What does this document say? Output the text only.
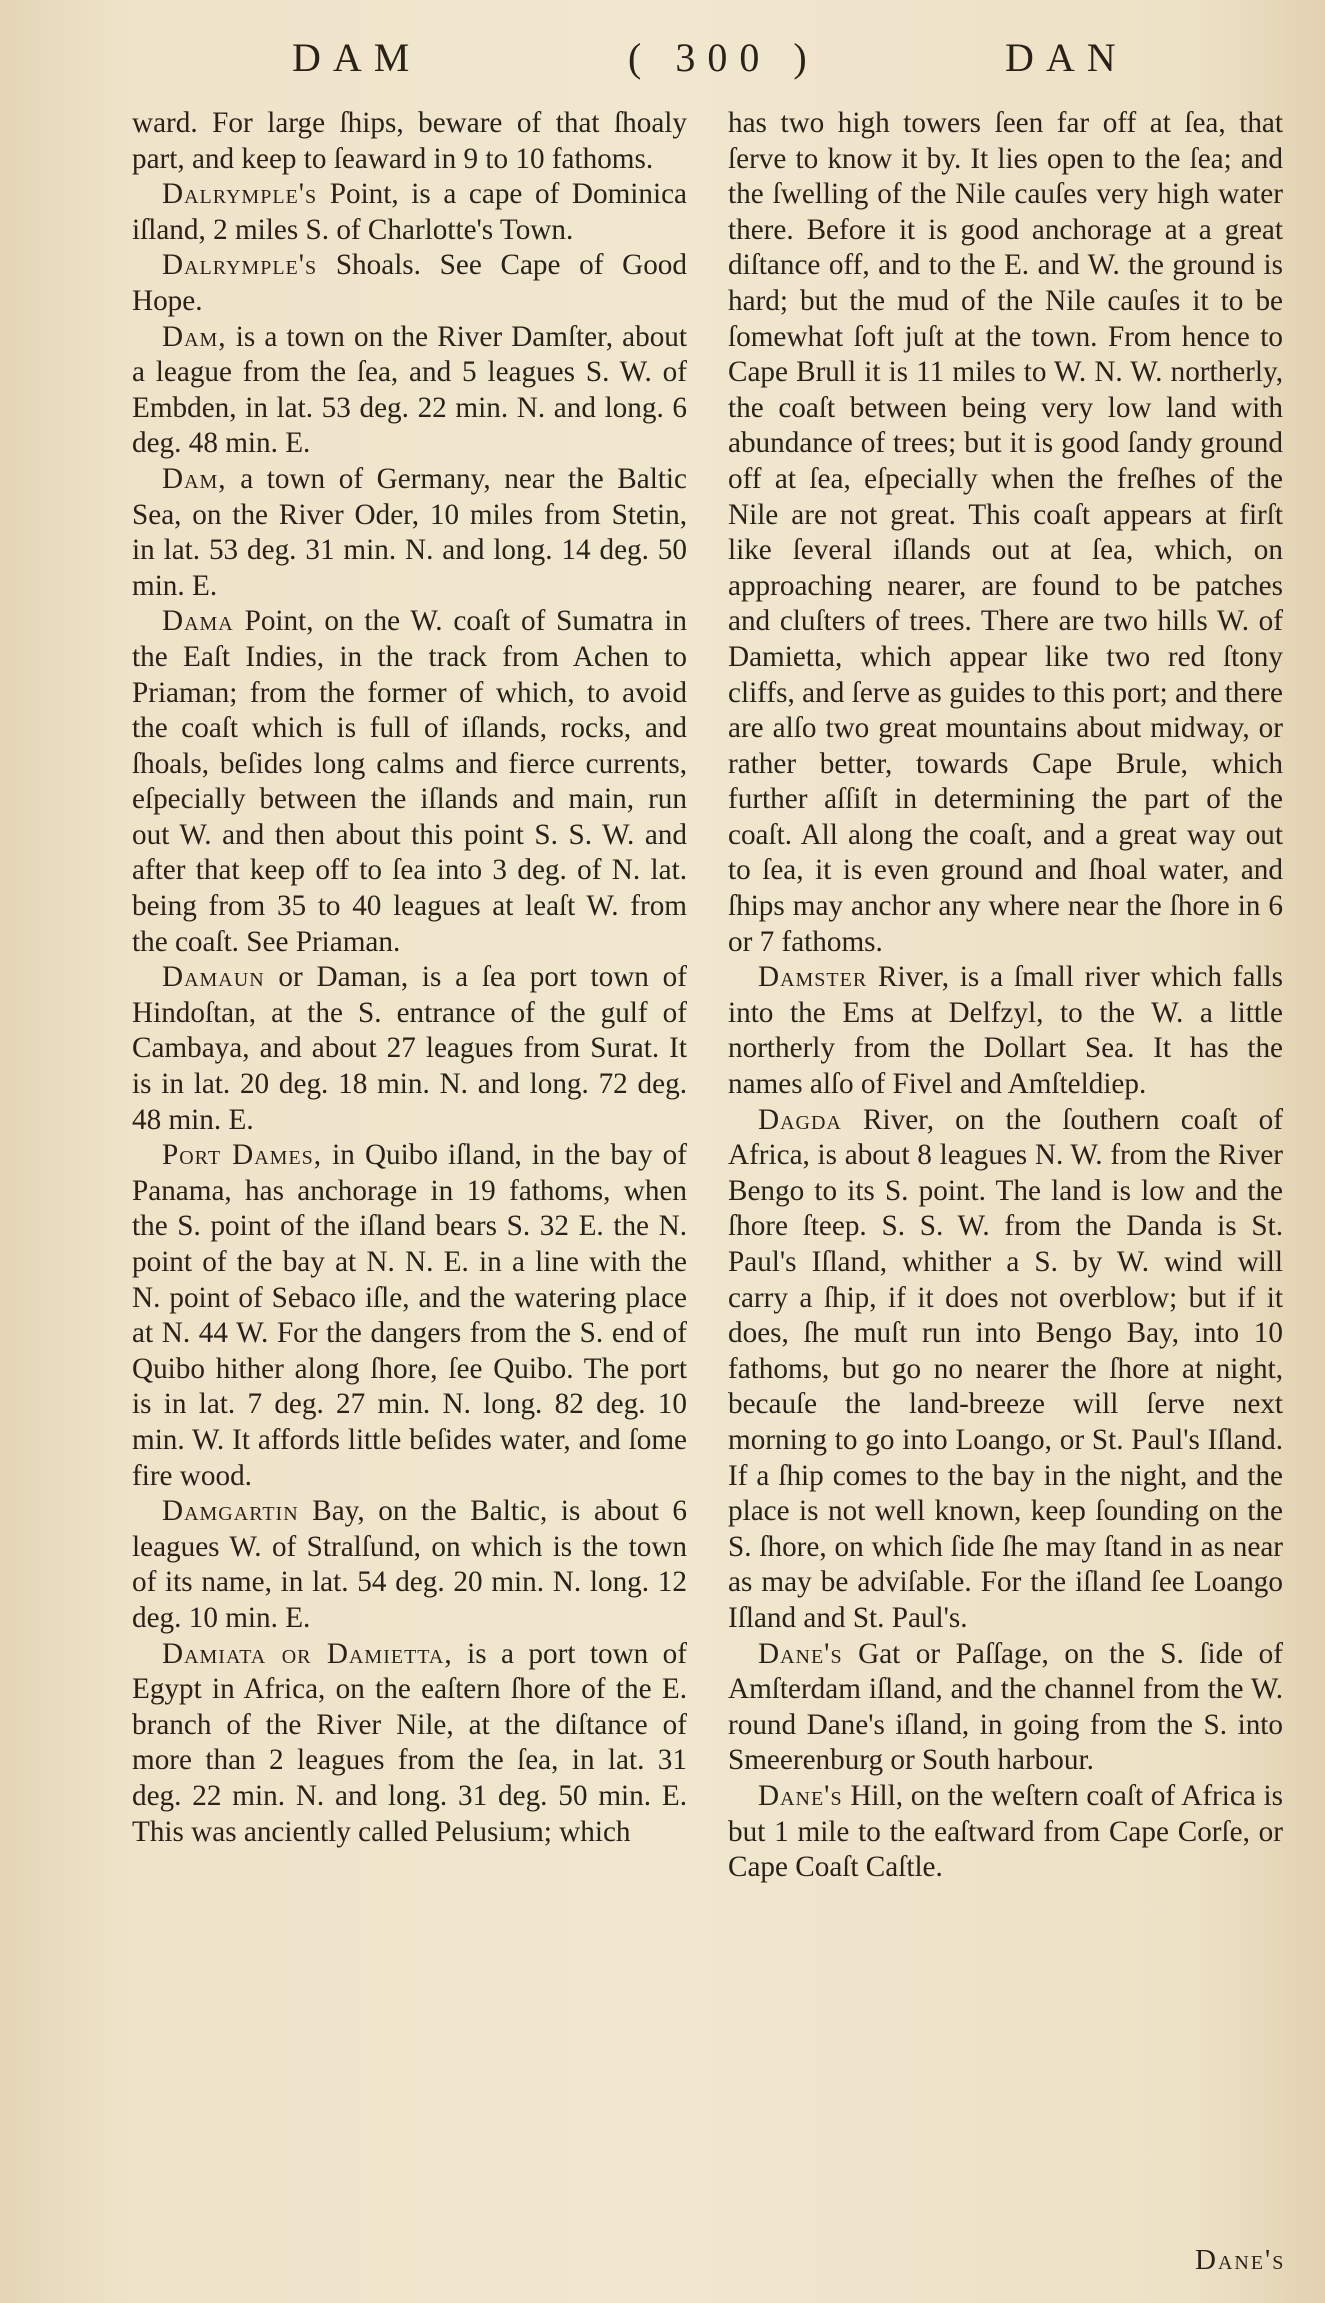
DAM	( 300 )	DAN

ward. For large ſhips, beware of that ſhoaly part, and keep to ſeaward in 9 to 10 fathoms.

Dalrymple's Point, is a cape of Dominica iſland, 2 miles S. of Charlotte's Town.

Dalrymple's Shoals. See Cape of Good Hope.

Dam, is a town on the River Damſter, about a league from the ſea, and 5 leagues S. W. of Embden, in lat. 53 deg. 22 min. N. and long. 6 deg. 48 min. E.

Dam, a town of Germany, near the Baltic Sea, on the River Oder, 10 miles from Stetin, in lat. 53 deg. 31 min. N. and long. 14 deg. 50 min. E.

Dama Point, on the W. coaſt of Sumatra in the Eaſt Indies, in the track from Achen to Priaman; from the former of which, to avoid the coaſt which is full of iſlands, rocks, and ſhoals, beſides long calms and fierce currents, eſpecially between the iſlands and main, run out W. and then about this point S. S. W. and after that keep off to ſea into 3 deg. of N. lat. being from 35 to 40 leagues at leaſt W. from the coaſt. See Priaman.

Damaun or Daman, is a ſea port town of Hindoſtan, at the S. entrance of the gulf of Cambaya, and about 27 leagues from Surat. It is in lat. 20 deg. 18 min. N. and long. 72 deg. 48 min. E.

Port Dames, in Quibo iſland, in the bay of Panama, has anchorage in 19 fathoms, when the S. point of the iſland bears S. 32 E. the N. point of the bay at N. N. E. in a line with the N. point of Sebaco iſle, and the watering place at N. 44 W. For the dangers from the S. end of Quibo hither along ſhore, ſee Quibo. The port is in lat. 7 deg. 27 min. N. long. 82 deg. 10 min. W. It affords little beſides water, and ſome fire wood.

Damgartin Bay, on the Baltic, is about 6 leagues W. of Stralſund, on which is the town of its name, in lat. 54 deg. 20 min. N. long. 12 deg. 10 min. E.

Damiata or Damietta, is a port town of Egypt in Africa, on the eaſtern ſhore of the E. branch of the River Nile, at the diſtance of more than 2 leagues from the ſea, in lat. 31 deg. 22 min. N. and long. 31 deg. 50 min. E. This was anciently called Pelusium; which

has two high towers ſeen far off at ſea, that ſerve to know it by. It lies open to the ſea; and the ſwelling of the Nile cauſes very high water there. Before it is good anchorage at a great diſtance off, and to the E. and W. the ground is hard; but the mud of the Nile cauſes it to be ſomewhat ſoft juſt at the town. From hence to Cape Brull it is 11 miles to W. N. W. northerly, the coaſt between being very low land with abundance of trees; but it is good ſandy ground off at ſea, eſpecially when the freſhes of the Nile are not great. This coaſt appears at firſt like ſeveral iſlands out at ſea, which, on approaching nearer, are found to be patches and cluſters of trees. There are two hills W. of Damietta, which appear like two red ſtony cliffs, and ſerve as guides to this port; and there are alſo two great mountains about midway, or rather better, towards Cape Brule, which further aſſiſt in determining the part of the coaſt. All along the coaſt, and a great way out to ſea, it is even ground and ſhoal water, and ſhips may anchor any where near the ſhore in 6 or 7 fathoms.

Damster River, is a ſmall river which falls into the Ems at Delfzyl, to the W. a little northerly from the Dollart Sea. It has the names alſo of Fivel and Amſteldiep.

Dagda River, on the ſouthern coaſt of Africa, is about 8 leagues N. W. from the River Bengo to its S. point. The land is low and the ſhore ſteep. S. S. W. from the Danda is St. Paul's Iſland, whither a S. by W. wind will carry a ſhip, if it does not overblow; but if it does, ſhe muſt run into Bengo Bay, into 10 fathoms, but go no nearer the ſhore at night, becauſe the land-breeze will ſerve next morning to go into Loango, or St. Paul's Iſland. If a ſhip comes to the bay in the night, and the place is not well known, keep ſounding on the S. ſhore, on which ſide ſhe may ſtand in as near as may be adviſable. For the iſland ſee Loango Iſland and St. Paul's.

Dane's Gat or Paſſage, on the S. ſide of Amſterdam iſland, and the channel from the W. round Dane's iſland, in going from the S. into Smeerenburg or South harbour.

Dane's Hill, on the weſtern coaſt of Africa is but 1 mile to the eaſtward from Cape Corſe, or Cape Coaſt Caſtle.

Dane's
